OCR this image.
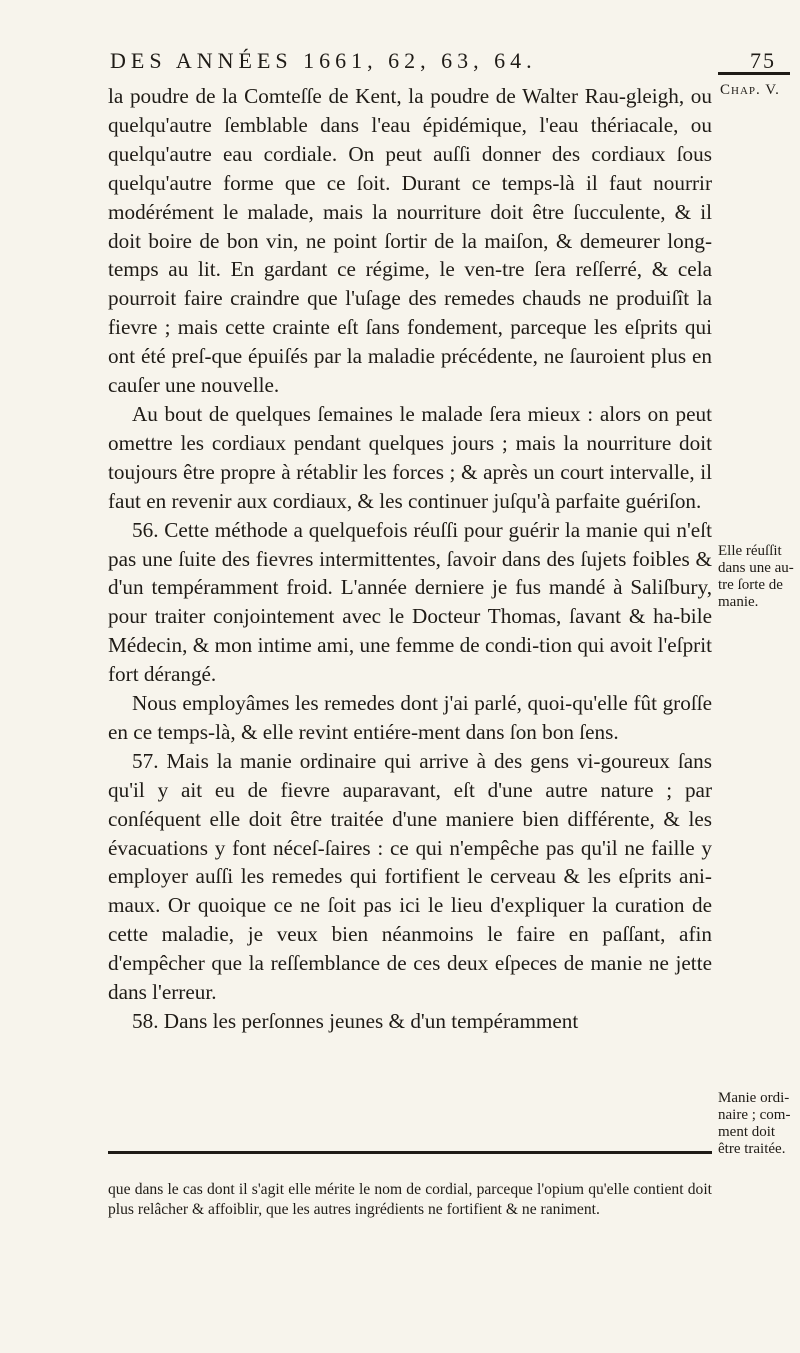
DES ANNÉES 1661, 62, 63, 64.	75
Chap. V.

la poudre de la Comteſſe de Kent, la poudre de Walter Rau-gleigh, ou quelqu'autre ſemblable dans l'eau épidémique, l'eau thériacale, ou quelqu'autre eau cordiale. On peut auſſi donner des cordiaux ſous quelqu'autre forme que ce ſoit. Durant ce temps-là il faut nourrir modérément le malade, mais la nourriture doit être ſucculente, & il doit boire de bon vin, ne point ſortir de la maiſon, & demeurer long-temps au lit. En gardant ce régime, le ven-tre ſera reſſerré, & cela pourroit faire craindre que l'uſage des remedes chauds ne produiſît la fievre ; mais cette crainte eſt ſans fondement, parceque les eſprits qui ont été preſ-que épuiſés par la maladie précédente, ne ſauroient plus en cauſer une nouvelle.

Au bout de quelques ſemaines le malade ſera mieux : alors on peut omettre les cordiaux pendant quelques jours ; mais la nourriture doit toujours être propre à rétablir les forces ; & après un court intervalle, il faut en revenir aux cordiaux, & les continuer juſqu'à parfaite guériſon.

56. Cette méthode a quelquefois réuſſi pour guérir la manie qui n'eſt pas une ſuite des fievres intermittentes, ſavoir dans des ſujets foibles & d'un tempéramment froid. L'année derniere je fus mandé à Saliſbury, pour traiter conjointement avec le Docteur Thomas, ſavant & ha-bile Médecin, & mon intime ami, une femme de condi-tion qui avoit l'eſprit fort dérangé.

Nous employâmes les remedes dont j'ai parlé, quoi-qu'elle fût groſſe en ce temps-là, & elle revint entiére-ment dans ſon bon ſens.

57. Mais la manie ordinaire qui arrive à des gens vi-goureux ſans qu'il y ait eu de fievre auparavant, eſt d'une autre nature ; par conſéquent elle doit être traitée d'une maniere bien différente, & les évacuations y font néceſ-ſaires : ce qui n'empêche pas qu'il ne faille y employer auſſi les remedes qui fortifient le cerveau & les eſprits ani-maux. Or quoique ce ne ſoit pas ici le lieu d'expliquer la curation de cette maladie, je veux bien néanmoins le faire en paſſant, afin d'empêcher que la reſſemblance de ces deux eſpeces de manie ne jette dans l'erreur.

58. Dans les perſonnes jeunes & d'un tempéramment

Elle réuſſit dans une au-tre ſorte de manie.
Manie ordi-naire ; com-ment doit être traitée.

que dans le cas dont il s'agit elle mérite le nom de cordial, parceque l'opium qu'elle contient doit plus relâcher & affoiblir, que les autres ingrédients ne fortifient & ne raniment.
